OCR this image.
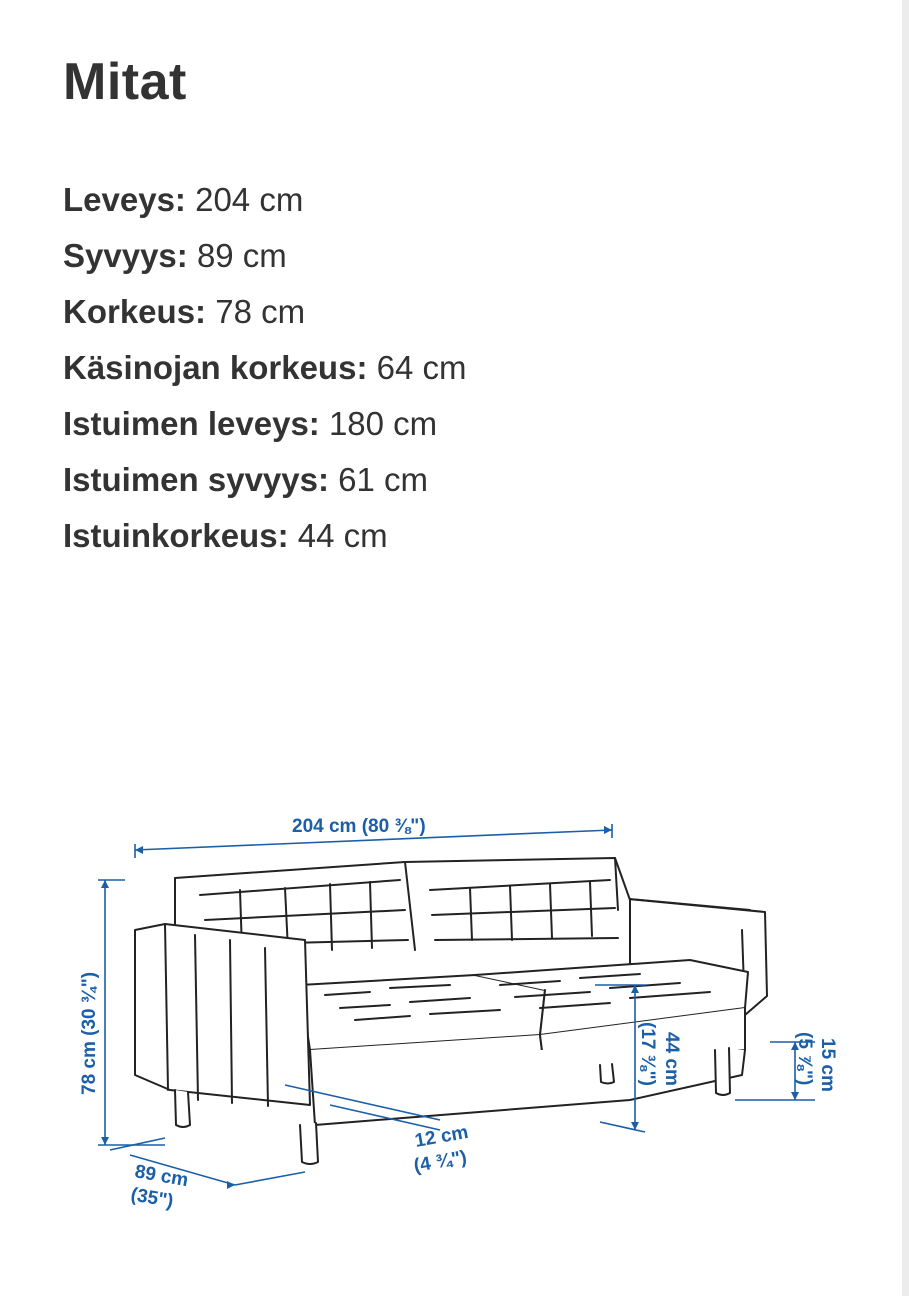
Mitat
Leveys: 204 cm
Syvyys: 89 cm
Korkeus: 78 cm
Käsinojan korkeus: 64 cm
Istuimen leveys: 180 cm
Istuimen syvyys: 61 cm
Istuinkorkeus: 44 cm
204 cm (80 ⅜")
78 cm (30 ¾")
89 cm
(35")
12 cm
(4 ¾")
44 cm
(17 ⅜")	15 cm
(5 ⅞")
